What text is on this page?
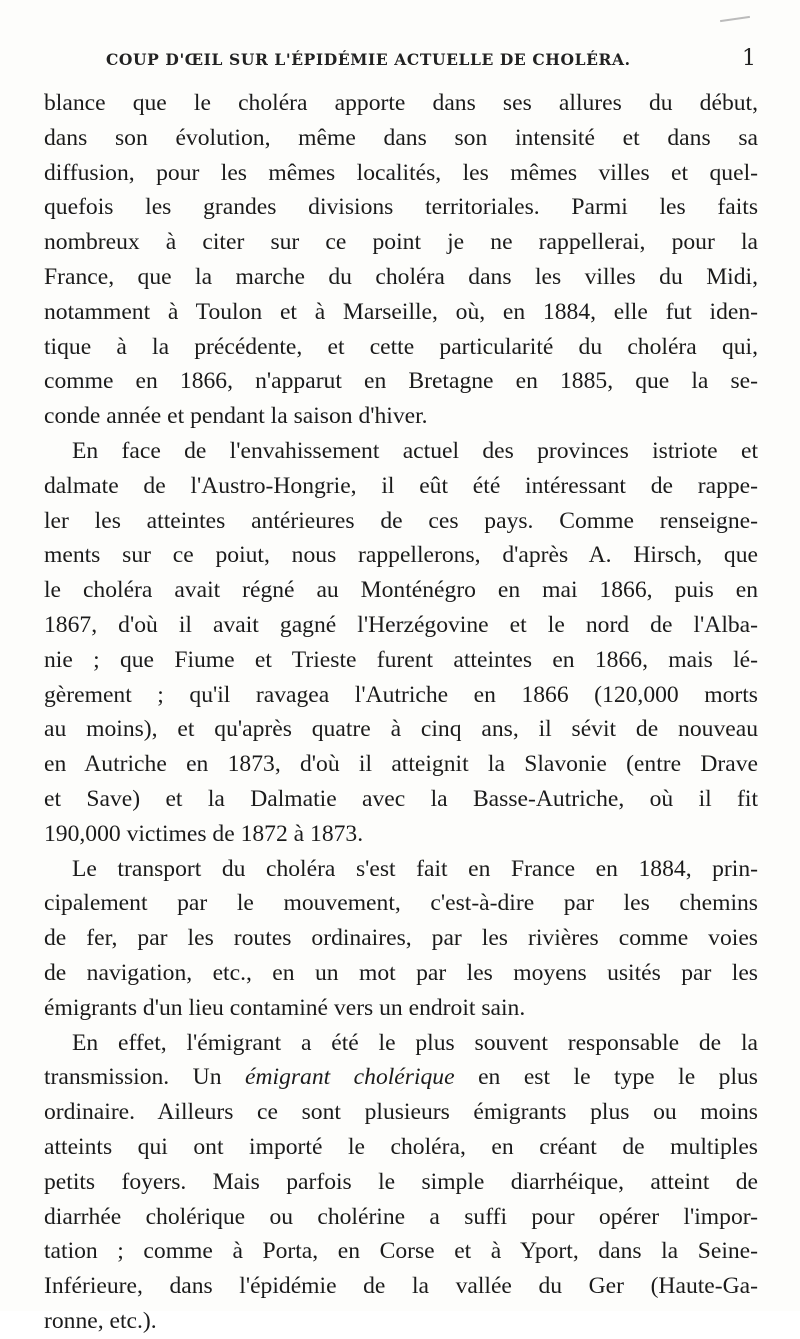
COUP D'ŒIL SUR L'ÉPIDÉMIE ACTUELLE DE CHOLÉRA.	1

blance que le choléra apporte dans ses allures du début,
dans son évolution, même dans son intensité et dans sa
diffusion, pour les mêmes localités, les mêmes villes et quel-
quefois les grandes divisions territoriales. Parmi les faits
nombreux à citer sur ce point je ne rappellerai, pour la
France, que la marche du choléra dans les villes du Midi,
notamment à Toulon et à Marseille, où, en 1884, elle fut iden-
tique à la précédente, et cette particularité du choléra qui,
comme en 1866, n'apparut en Bretagne en 1885, que la se-
conde année et pendant la saison d'hiver.

En face de l'envahissement actuel des provinces istriote et
dalmate de l'Austro-Hongrie, il eût été intéressant de rappe-
ler les atteintes antérieures de ces pays. Comme renseigne-
ments sur ce poiut, nous rappellerons, d'après A. Hirsch, que
le choléra avait régné au Monténégro en mai 1866, puis en
1867, d'où il avait gagné l'Herzégovine et le nord de l'Alba-
nie ; que Fiume et Trieste furent atteintes en 1866, mais lé-
gèrement ; qu'il ravagea l'Autriche en 1866 (120,000 morts
au moins), et qu'après quatre à cinq ans, il sévit de nouveau
en Autriche en 1873, d'où il atteignit la Slavonie (entre Drave
et Save) et la Dalmatie avec la Basse-Autriche, où il fit
190,000 victimes de 1872 à 1873.

Le transport du choléra s'est fait en France en 1884, prin-
cipalement par le mouvement, c'est-à-dire par les chemins
de fer, par les routes ordinaires, par les rivières comme voies
de navigation, etc., en un mot par les moyens usités par les
émigrants d'un lieu contaminé vers un endroit sain.

En effet, l'émigrant a été le plus souvent responsable de la
transmission. Un émigrant cholérique en est le type le plus
ordinaire. Ailleurs ce sont plusieurs émigrants plus ou moins
atteints qui ont importé le choléra, en créant de multiples
petits foyers. Mais parfois le simple diarrhéique, atteint de
diarrhée cholérique ou cholérine a suffi pour opérer l'impor-
tation ; comme à Porta, en Corse et à Yport, dans la Seine-
Inférieure, dans l'épidémie de la vallée du Ger (Haute-Ga-
ronne, etc.).
